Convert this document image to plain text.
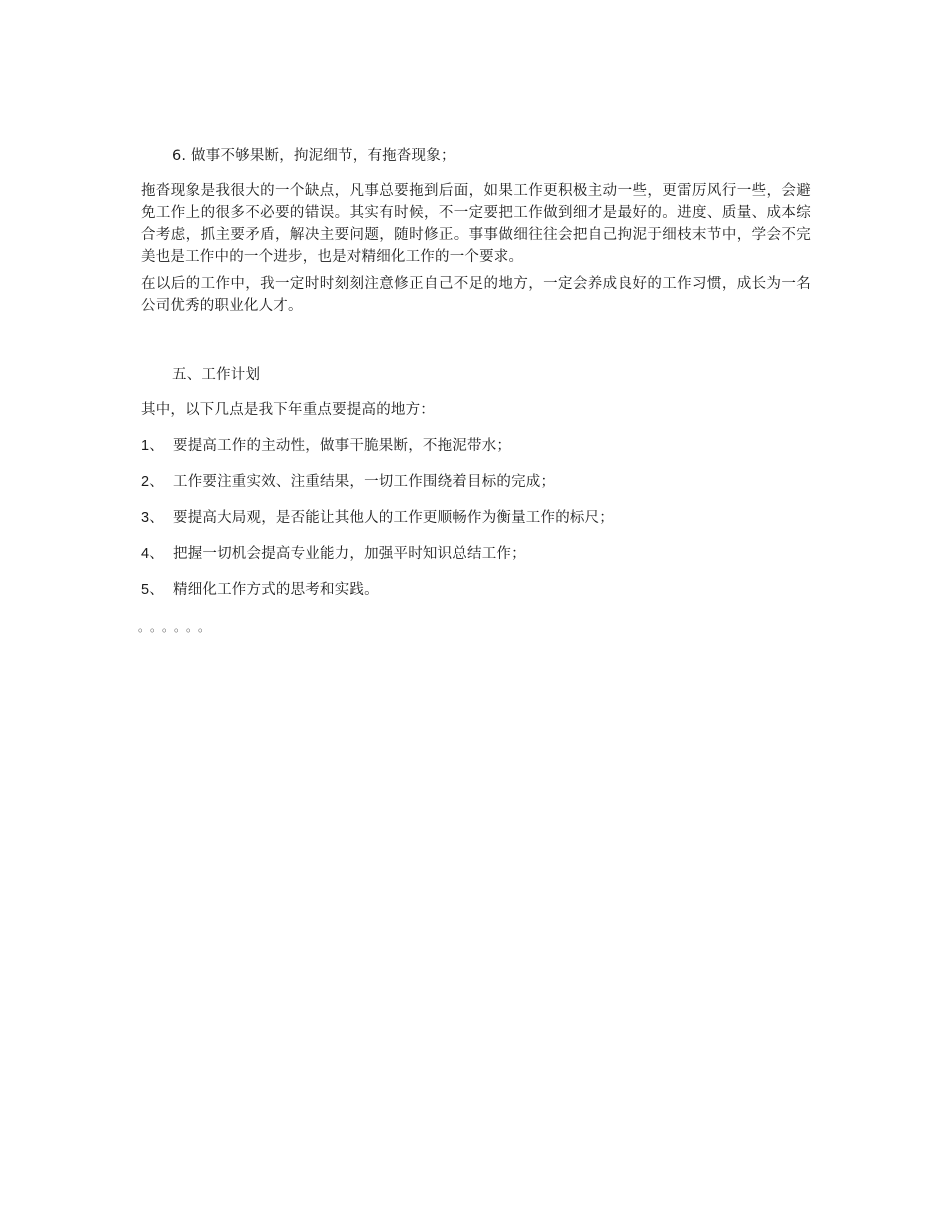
6. 做事不够果断，拘泥细节，有拖沓现象；
拖沓现象是我很大的一个缺点，凡事总要拖到后面，如果工作更积极主动一些，更雷厉风行一些，会避免工作上的很多不必要的错误。其实有时候，不一定要把工作做到细才是最好的。进度、质量、成本综合考虑，抓主要矛盾，解决主要问题，随时修正。事事做细往往会把自己拘泥于细枝末节中，学会不完美也是工作中的一个进步，也是对精细化工作的一个要求。
在以后的工作中，我一定时时刻刻注意修正自己不足的地方，一定会养成良好的工作习惯，成长为一名公司优秀的职业化人才。
五、工作计划
其中，以下几点是我下年重点要提高的地方：
1、 要提高工作的主动性，做事干脆果断，不拖泥带水；
2、 工作要注重实效、注重结果，一切工作围绕着目标的完成；
3、 要提高大局观，是否能让其他人的工作更顺畅作为衡量工作的标尺；
4、 把握一切机会提高专业能力，加强平时知识总结工作；
5、 精细化工作方式的思考和实践。
。。。。。。
